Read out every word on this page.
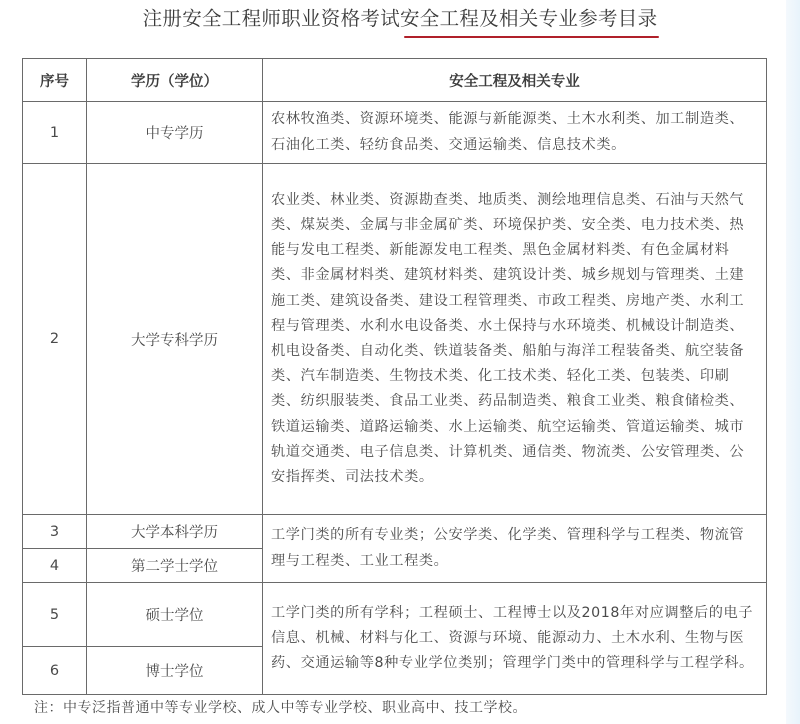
注册安全工程师职业资格考试安全工程及相关专业参考目录
序号	学历（学位）	安全工程及相关专业
1	中专学历	农林牧渔类、资源环境类、能源与新能源类、土木水利类、加工制造类、石油化工类、轻纺食品类、交通运输类、信息技术类。
2	大学专科学历	农业类、林业类、资源勘查类、地质类、测绘地理信息类、石油与天然气类、煤炭类、金属与非金属矿类、环境保护类、安全类、电力技术类、热能与发电工程类、新能源发电工程类、黑色金属材料类、有色金属材料类、非金属材料类、建筑材料类、建筑设计类、城乡规划与管理类、土建施工类、建筑设备类、建设工程管理类、市政工程类、房地产类、水利工程与管理类、水利水电设备类、水土保持与水环境类、机械设计制造类、机电设备类、自动化类、铁道装备类、船舶与海洋工程装备类、航空装备类、汽车制造类、生物技术类、化工技术类、轻化工类、包装类、印刷类、纺织服装类、食品工业类、药品制造类、粮食工业类、粮食储检类、铁道运输类、道路运输类、水上运输类、航空运输类、管道运输类、城市轨道交通类、电子信息类、计算机类、通信类、物流类、公安管理类、公安指挥类、司法技术类。
3	大学本科学历	工学门类的所有专业类；公安学类、化学类、管理科学与工程类、物流管理与工程类、工业工程类。
4	第二学士学位	
5	硕士学位	工学门类的所有学科；工程硕士、工程博士以及2018年对应调整后的电子信息、机械、材料与化工、资源与环境、能源动力、土木水利、生物与医药、交通运输等8种专业学位类别；管理学门类中的管理科学与工程学科。
6	博士学位	
注：中专泛指普通中等专业学校、成人中等专业学校、职业高中、技工学校。
